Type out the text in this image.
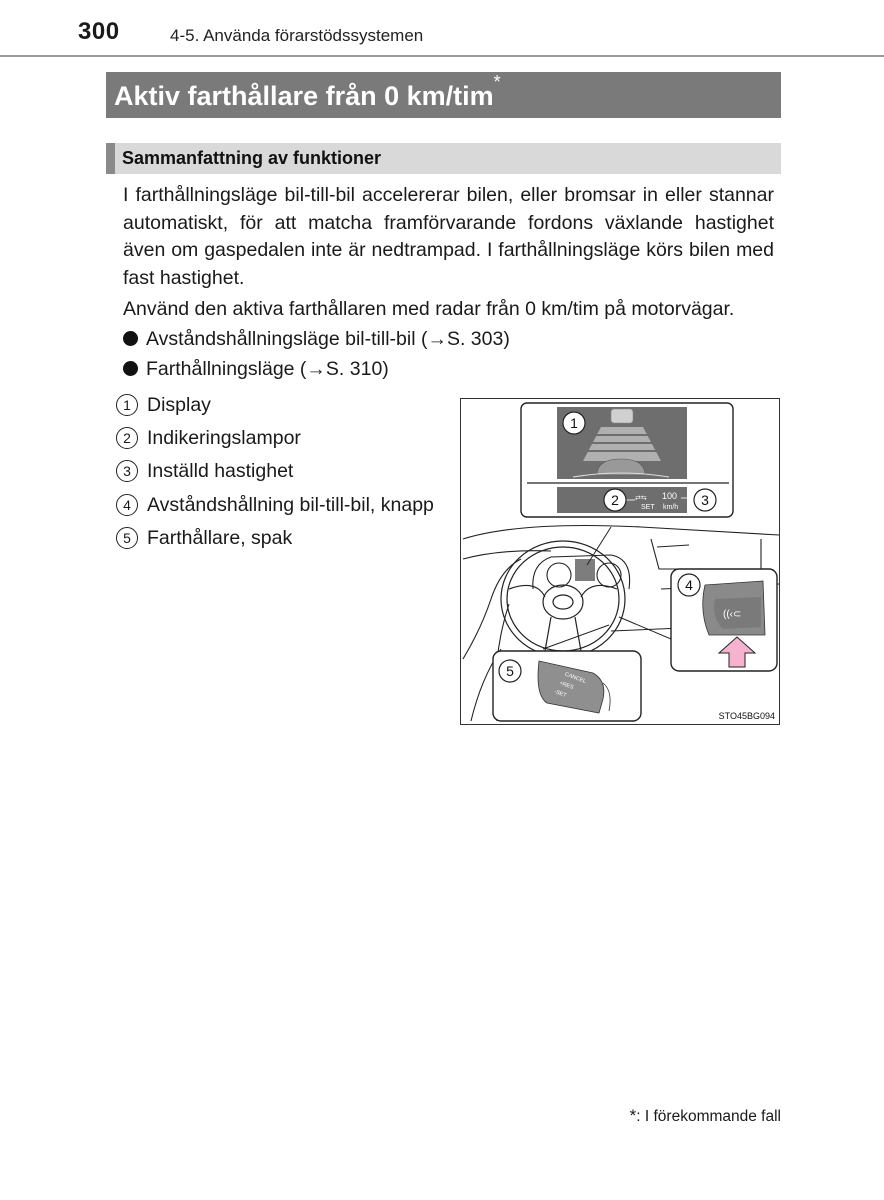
300	4-5. Använda förarstödssystemen
Aktiv farthållare från 0 km/tim*
Sammanfattning av funktioner
I farthållningsläge bil-till-bil accelererar bilen, eller bromsar in eller stannar automatiskt, för att matcha framförvarande fordons växlande hastighet även om gaspedalen inte är nedtrampad. I farthållningsläge körs bilen med fast hastighet.
Använd den aktiva farthållaren med radar från 0 km/tim på motorvägar.
Avståndshållningsläge bil-till-bil (→S. 303)
Farthållningsläge (→S. 310)
1 Display
2 Indikeringslampor
3 Inställd hastighet
4 Avståndshållning bil-till-bil, knapp
5 Farthållare, spak
⇄⇆ 100
SET km/h
1
2	3
((‹⊂
4
CANCEL
+RES
-SET
5
STO45BG094
*: I förekommande fall
